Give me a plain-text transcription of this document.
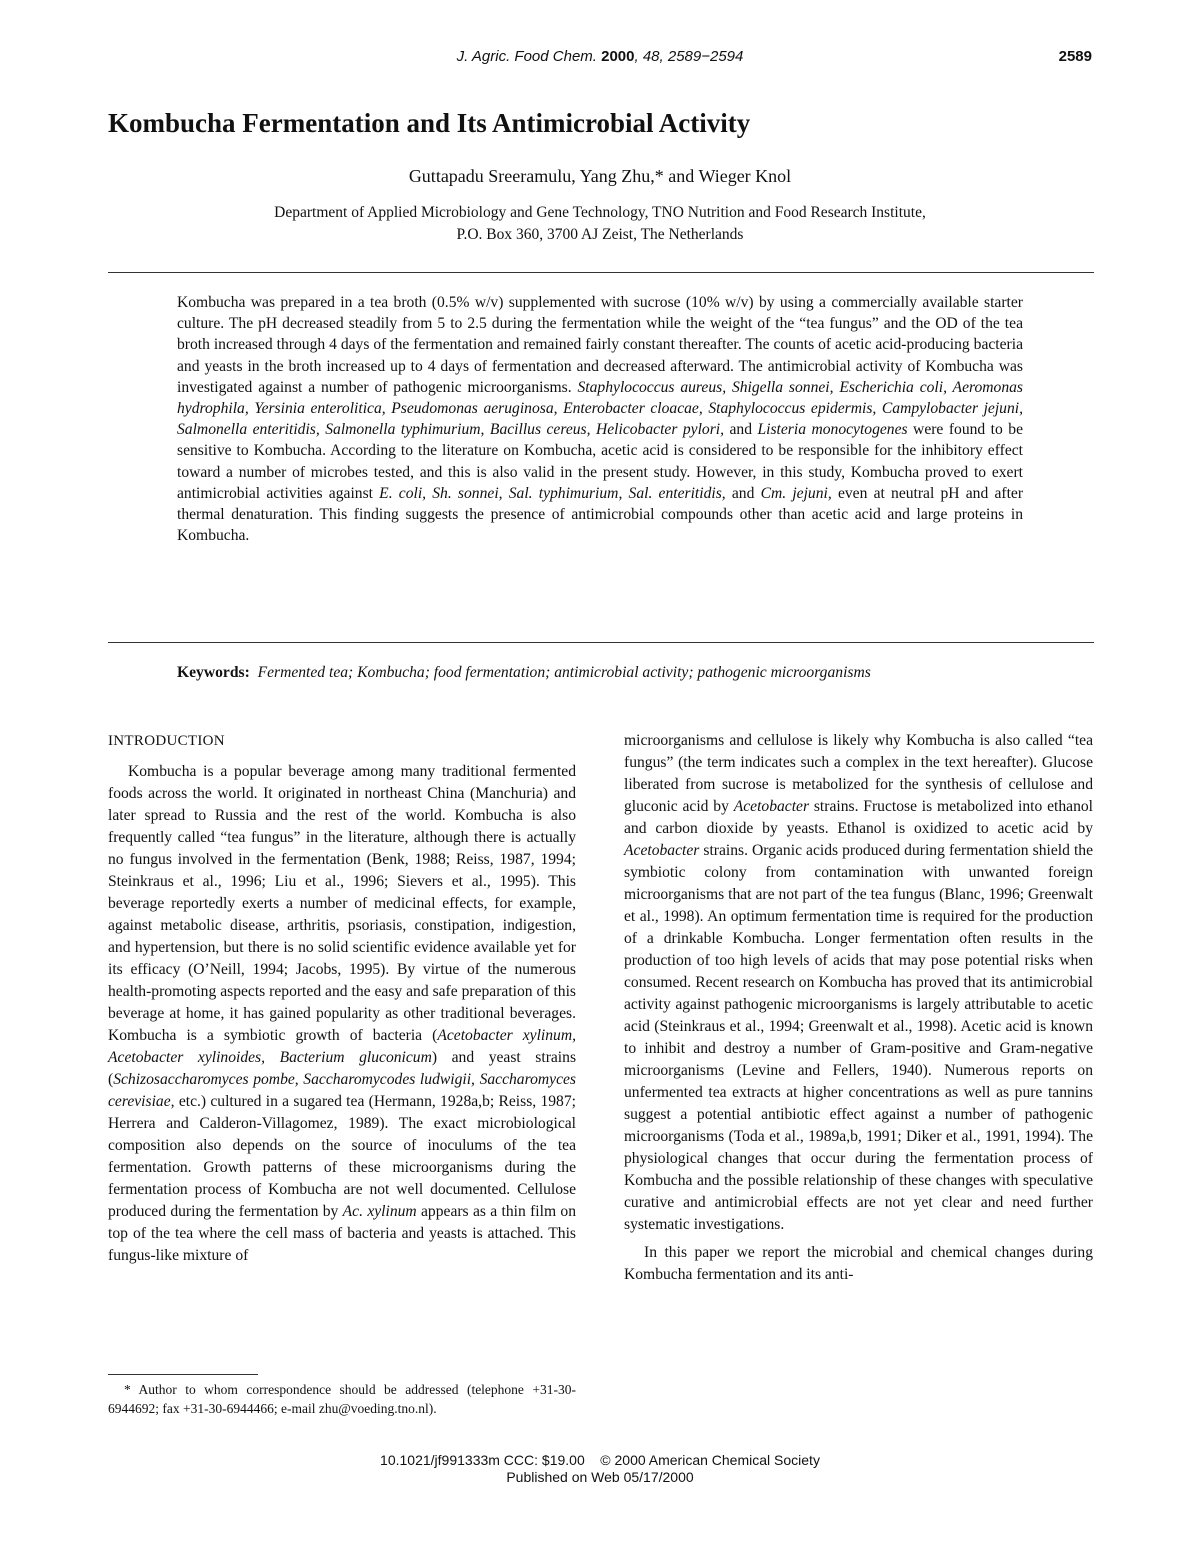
J. Agric. Food Chem. 2000, 48, 2589−2594	2589
Kombucha Fermentation and Its Antimicrobial Activity
Guttapadu Sreeramulu, Yang Zhu,* and Wieger Knol
Department of Applied Microbiology and Gene Technology, TNO Nutrition and Food Research Institute,
P.O. Box 360, 3700 AJ Zeist, The Netherlands

Kombucha was prepared in a tea broth (0.5% w/v) supplemented with sucrose (10% w/v) by using a commercially available starter culture. The pH decreased steadily from 5 to 2.5 during the fermentation while the weight of the “tea fungus” and the OD of the tea broth increased through 4 days of the fermentation and remained fairly constant thereafter. The counts of acetic acid-producing bacteria and yeasts in the broth increased up to 4 days of fermentation and decreased afterward. The antimicrobial activity of Kombucha was investigated against a number of pathogenic microorganisms. Staphylococcus aureus, Shigella sonnei, Escherichia coli, Aeromonas hydrophila, Yersinia enterolitica, Pseudomonas aeruginosa, Enterobacter cloacae, Staphylococcus epidermis, Campylobacter jejuni, Salmonella enteritidis, Salmonella typhimurium, Bacillus cereus, Helicobacter pylori, and Listeria monocytogenes were found to be sensitive to Kombucha. According to the literature on Kombucha, acetic acid is considered to be responsible for the inhibitory effect toward a number of microbes tested, and this is also valid in the present study. However, in this study, Kombucha proved to exert antimicrobial activities against E. coli, Sh. sonnei, Sal. typhimurium, Sal. enteritidis, and Cm. jejuni, even at neutral pH and after thermal denaturation. This finding suggests the presence of antimicrobial compounds other than acetic acid and large proteins in Kombucha.

Keywords: Fermented tea; Kombucha; food fermentation; antimicrobial activity; pathogenic microorganisms

INTRODUCTION

Kombucha is a popular beverage among many traditional fermented foods across the world. It originated in northeast China (Manchuria) and later spread to Russia and the rest of the world. Kombucha is also frequently called “tea fungus” in the literature, although there is actually no fungus involved in the fermentation (Benk, 1988; Reiss, 1987, 1994; Steinkraus et al., 1996; Liu et al., 1996; Sievers et al., 1995). This beverage reportedly exerts a number of medicinal effects, for example, against metabolic disease, arthritis, psoriasis, constipation, indigestion, and hypertension, but there is no solid scientific evidence available yet for its efficacy (O’Neill, 1994; Jacobs, 1995). By virtue of the numerous health-promoting aspects reported and the easy and safe preparation of this beverage at home, it has gained popularity as other traditional beverages. Kombucha is a symbiotic growth of bacteria (Acetobacter xylinum, Acetobacter xylinoides, Bacterium gluconicum) and yeast strains (Schizosaccharomyces pombe, Saccharomycodes ludwigii, Saccharomyces cerevisiae, etc.) cultured in a sugared tea (Hermann, 1928a,b; Reiss, 1987; Herrera and Calderon-Villagomez, 1989). The exact microbiological composition also depends on the source of inoculums of the tea fermentation. Growth patterns of these microorganisms during the fermentation process of Kombucha are not well documented. Cellulose produced during the fermentation by Ac. xylinum appears as a thin film on top of the tea where the cell mass of bacteria and yeasts is attached. This fungus-like mixture of

microorganisms and cellulose is likely why Kombucha is also called “tea fungus” (the term indicates such a complex in the text hereafter). Glucose liberated from sucrose is metabolized for the synthesis of cellulose and gluconic acid by Acetobacter strains. Fructose is metabolized into ethanol and carbon dioxide by yeasts. Ethanol is oxidized to acetic acid by Acetobacter strains. Organic acids produced during fermentation shield the symbiotic colony from contamination with unwanted foreign microorganisms that are not part of the tea fungus (Blanc, 1996; Greenwalt et al., 1998). An optimum fermentation time is required for the production of a drinkable Kombucha. Longer fermentation often results in the production of too high levels of acids that may pose potential risks when consumed. Recent research on Kombucha has proved that its antimicrobial activity against pathogenic microorganisms is largely attributable to acetic acid (Steinkraus et al., 1994; Greenwalt et al., 1998). Acetic acid is known to inhibit and destroy a number of Gram-positive and Gram-negative microorganisms (Levine and Fellers, 1940). Numerous reports on unfermented tea extracts at higher concentrations as well as pure tannins suggest a potential antibiotic effect against a number of pathogenic microorganisms (Toda et al., 1989a,b, 1991; Diker et al., 1991, 1994). The physiological changes that occur during the fermentation process of Kombucha and the possible relationship of these changes with speculative curative and antimicrobial effects are not yet clear and need further systematic investigations.

In this paper we report the microbial and chemical changes during Kombucha fermentation and its anti-

* Author to whom correspondence should be addressed (telephone +31-30-6944692; fax +31-30-6944466; e-mail zhu@voeding.tno.nl).

10.1021/jf991333m CCC: $19.00    © 2000 American Chemical Society
Published on Web 05/17/2000
